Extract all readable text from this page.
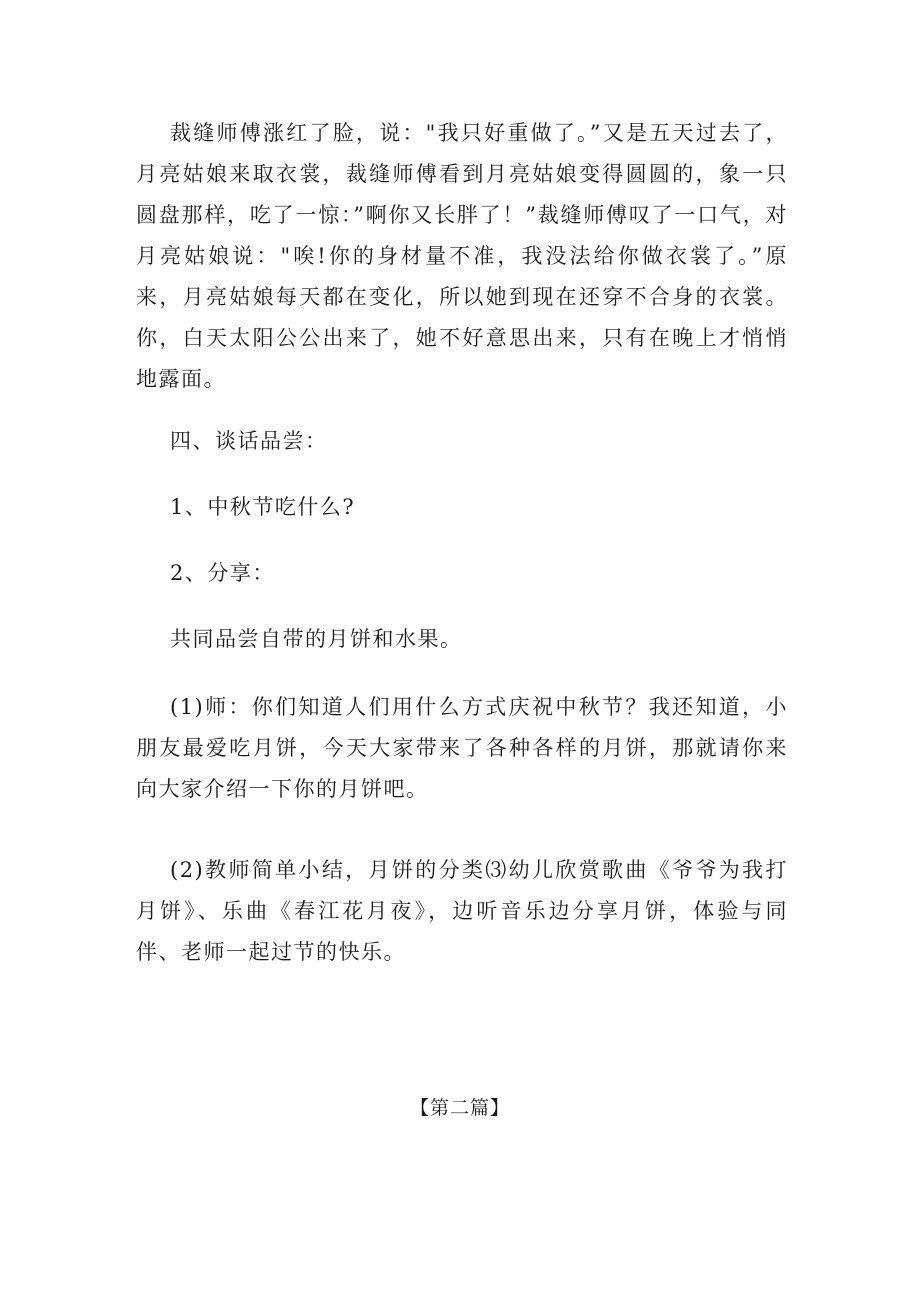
裁缝师傅涨红了脸，说："我只好重做了。”又是五天过去了，月亮姑娘来取衣裳，裁缝师傅看到月亮姑娘变得圆圆的，象一只圆盘那样，吃了一惊：”啊你又长胖了！”裁缝师傅叹了一口气，对月亮姑娘说："唉!你的身材量不准，我没法给你做衣裳了。”原来，月亮姑娘每天都在变化，所以她到现在还穿不合身的衣裳。你，白天太阳公公出来了，她不好意思出来，只有在晚上才悄悄地露面。

四、谈话品尝：

1、中秋节吃什么?

2、分享：

共同品尝自带的月饼和水果。

(1)师：你们知道人们用什么方式庆祝中秋节？我还知道，小朋友最爱吃月饼，今天大家带来了各种各样的月饼，那就请你来向大家介绍一下你的月饼吧。

(2)教师简单小结，月饼的分类⑶幼儿欣赏歌曲《爷爷为我打月饼》、乐曲《春江花月夜》，边听音乐边分享月饼，体验与同伴、老师一起过节的快乐。

【第二篇】
